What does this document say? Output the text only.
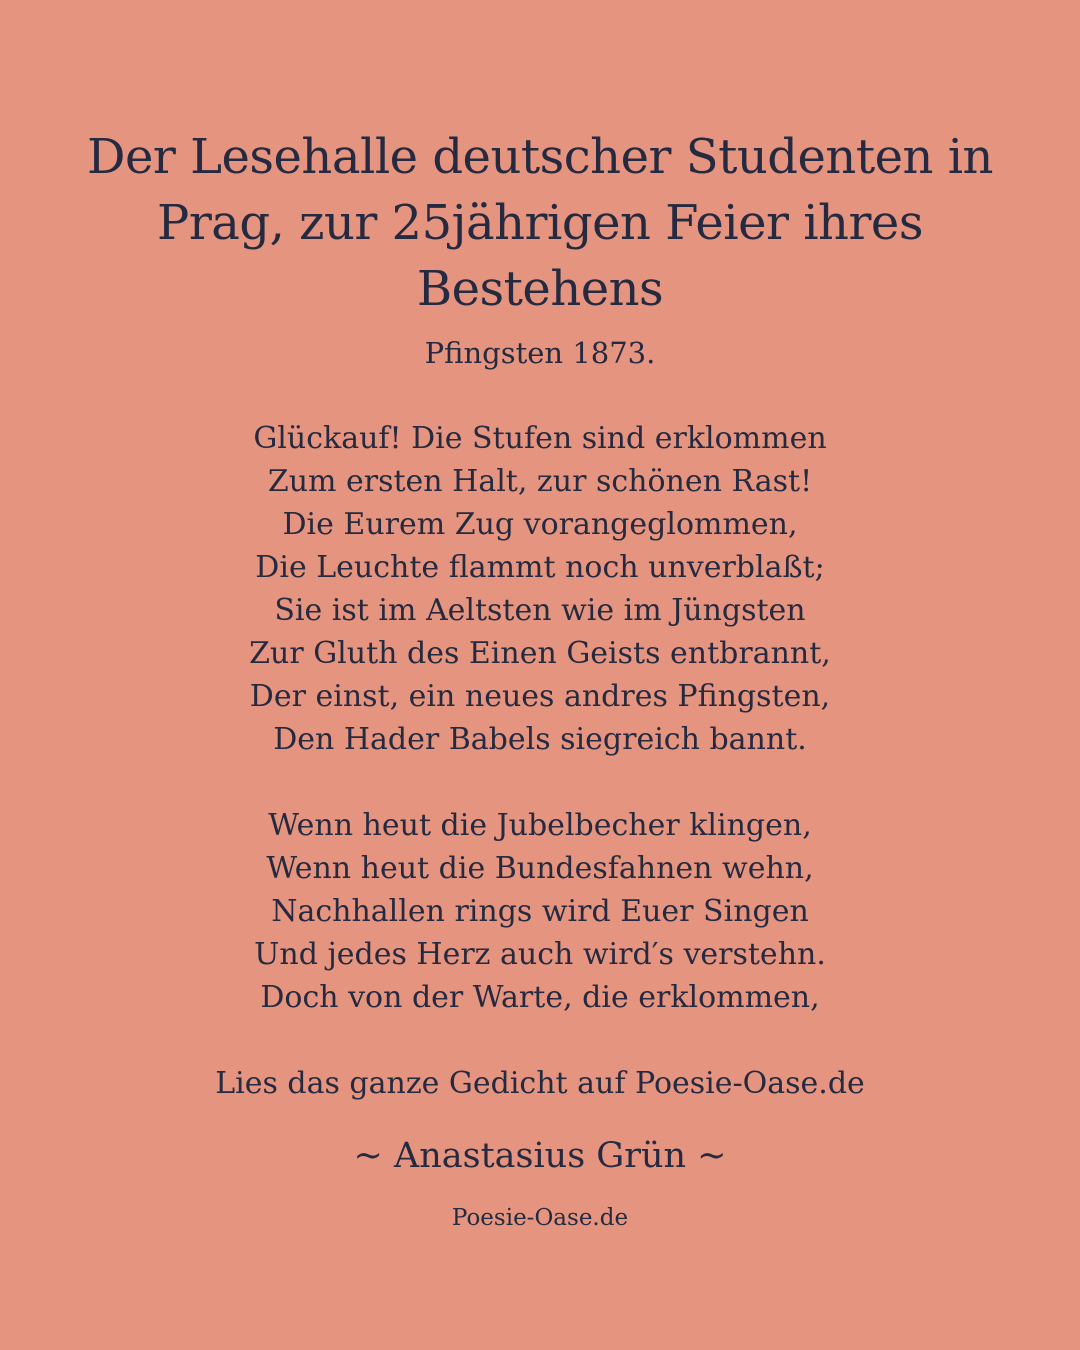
Der Lesehalle deutscher Studenten in Prag, zur 25jährigen Feier ihres Bestehens
Pfingsten 1873.
Glückauf! Die Stufen sind erklommen
Zum ersten Halt, zur schönen Rast!
Die Eurem Zug vorangeglommen,
Die Leuchte flammt noch unverblaßt;
Sie ist im Aeltsten wie im Jüngsten
Zur Gluth des Einen Geists entbrannt,
Der einst, ein neues andres Pfingsten,
Den Hader Babels siegreich bannt.
Wenn heut die Jubelbecher klingen,
Wenn heut die Bundesfahnen wehn,
Nachhallen rings wird Euer Singen
Und jedes Herz auch wird′s verstehn.
Doch von der Warte, die erklommen,
Lies das ganze Gedicht auf Poesie-Oase.de
~ Anastasius Grün ~
Poesie-Oase.de
